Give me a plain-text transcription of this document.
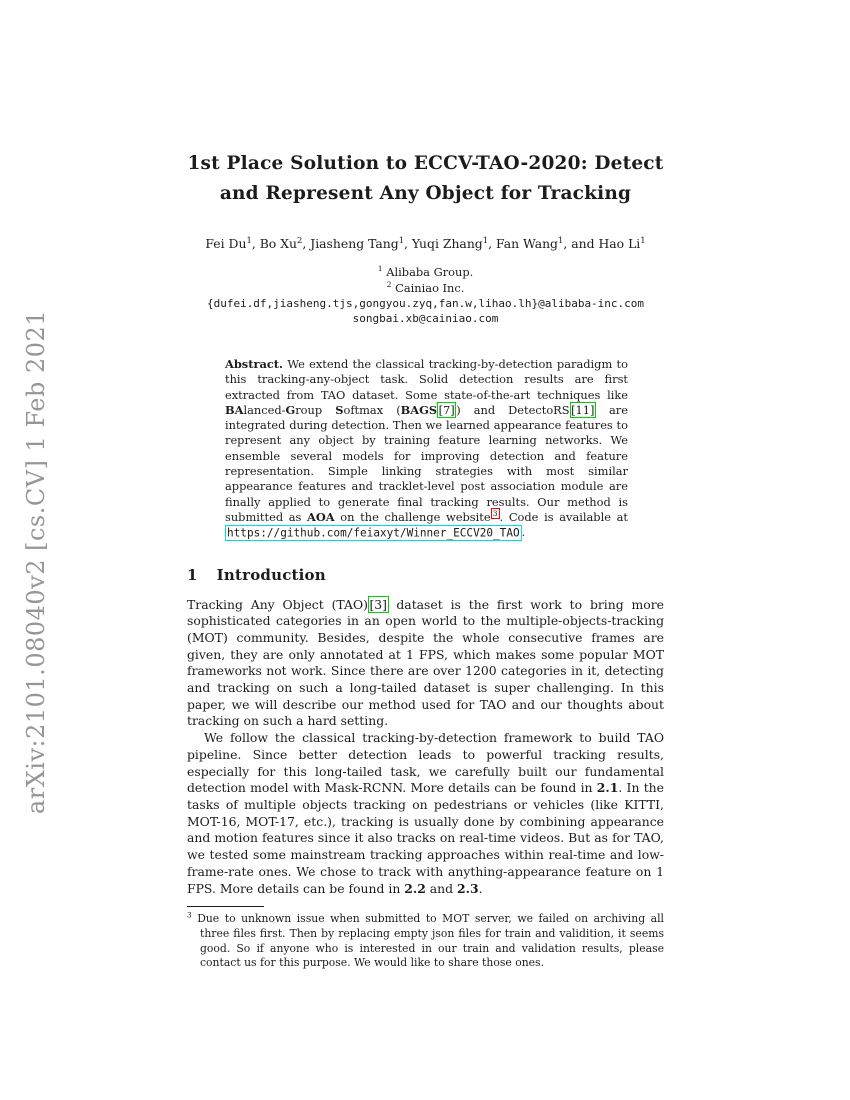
arXiv:2101.08040v2 [cs.CV] 1 Feb 2021
1st Place Solution to ECCV-TAO-2020: Detect and Represent Any Object for Tracking
Fei Du$^1$, Bo Xu$^2$, Jiasheng Tang$^1$, Yuqi Zhang$^1$, Fan Wang$^1$, and Hao Li$^1$
$^1$ Alibaba Group.
$^2$ Cainiao Inc.
{dufei.df,jiasheng.tjs,gongyou.zyq,fan.w,lihao.lh}@alibaba-inc.com
songbai.xb@cainiao.com
Abstract. We extend the classical tracking-by-detection paradigm to this tracking-any-object task. Solid detection results are first extracted from TAO dataset. Some state-of-the-art techniques like BAlanced-Group Softmax (BAGS [7] ) and DetectoRS [11] are integrated during detection. Then we learned appearance features to represent any object by training feature learning networks. We ensemble several models for improving detection and feature representation. Simple linking strategies with most similar appearance features and tracklet-level post association module are finally applied to generate final tracking results. Our method is submitted as AOA on the challenge website $^3$ . Code is available at https://github.com/feiaxyt/Winner_ECCV20_TAO .
1 Introduction

Tracking Any Object (TAO) [3] dataset is the first work to bring more sophisticated categories in an open world to the multiple-objects-tracking (MOT) community. Besides, despite the whole consecutive frames are given, they are only annotated at 1 FPS, which makes some popular MOT frameworks not work. Since there are over 1200 categories in it, detecting and tracking on such a long-tailed dataset is super challenging. In this paper, we will describe our method used for TAO and our thoughts about tracking on such a hard setting.

We follow the classical tracking-by-detection framework to build TAO pipeline. Since better detection leads to powerful tracking results, especially for this long-tailed task, we carefully built our fundamental detection model with Mask-RCNN. More details can be found in 2.1. In the tasks of multiple objects tracking on pedestrians or vehicles (like KITTI, MOT-16, MOT-17, etc.), tracking is usually done by combining appearance and motion features since it also tracks on real-time videos. But as for TAO, we tested some mainstream tracking approaches within real-time and low-frame-rate ones. We chose to track with anything-appearance feature on 1 FPS. More details can be found in 2.2 and 2.3.

$^3$ Due to unknown issue when submitted to MOT server, we failed on archiving all three files first. Then by replacing empty json files for train and validition, it seems good. So if anyone who is interested in our train and validation results, please contact us for this purpose. We would like to share those ones.
